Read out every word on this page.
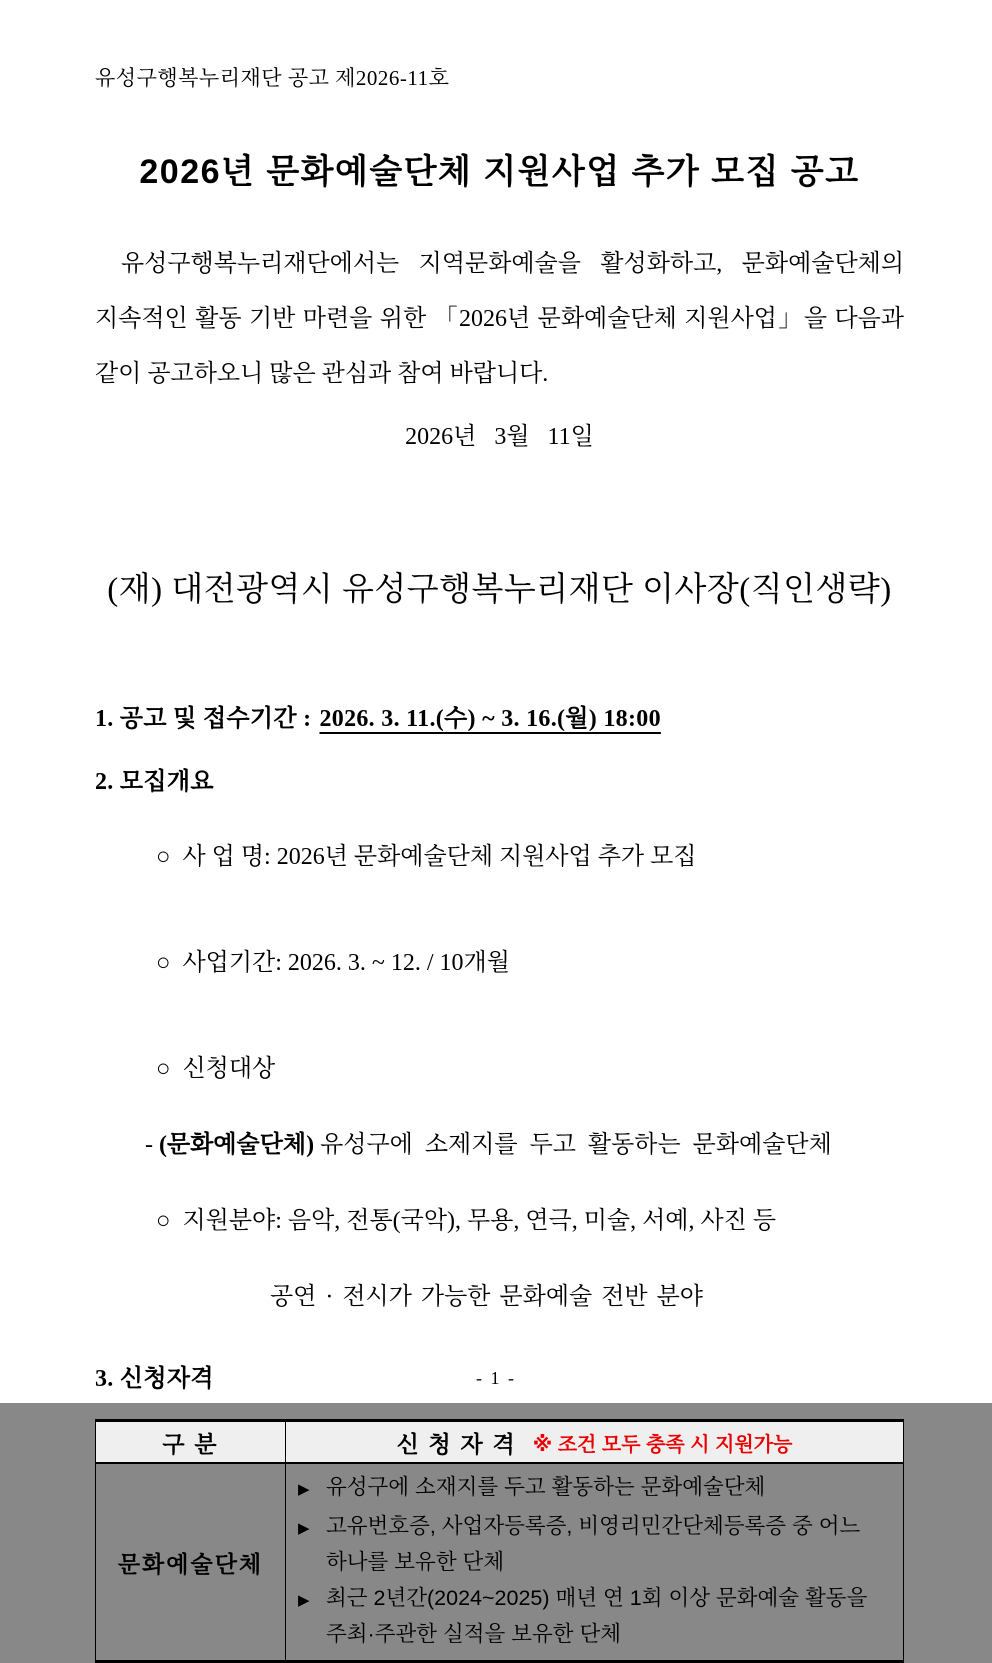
유성구행복누리재단 공고 제2026-11호
2026년 문화예술단체 지원사업 추가 모집 공고

유성구행복누리재단에서는 지역문화예술을 활성화하고, 문화예술단체의 지속적인 활동 기반 마련을 위한 「2026년 문화예술단체 지원사업」을 다음과 같이 공고하오니 많은 관심과 참여 바랍니다.

2026년   3월   11일
(재) 대전광역시 유성구행복누리재단 이사장(직인생략)
1. 공고 및 접수기간 : 2026. 3. 11.(수) ~ 3. 16.(월) 18:00
2. 모집개요

○ 사 업 명: 2026년 문화예술단체 지원사업 추가 모집

○ 사업기간: 2026. 3. ~ 12. / 10개월

○ 신청대상

- (문화예술단체) 유성구에 소제지를 두고 활동하는 문화예술단체

○ 지원분야: 음악, 전통(국악), 무용, 연극, 미술, 서예, 사진 등

공연 · 전시가 가능한 문화예술 전반 분야
3. 신청자격
구 분	신 청 자 격 ※ 조건 모두 충족 시 지원가능
문화예술단체
▶ 유성구에 소재지를 두고 활동하는 문화예술단체
▶ 고유번호증, 사업자등록증, 비영리민간단체등록증 중 어느 하나를 보유한 단체
▶ 최근 2년간(2024~2025) 매년 연 1회 이상 문화예술 활동을  주최·주관한 실적을 보유한 단체
- 1 -
